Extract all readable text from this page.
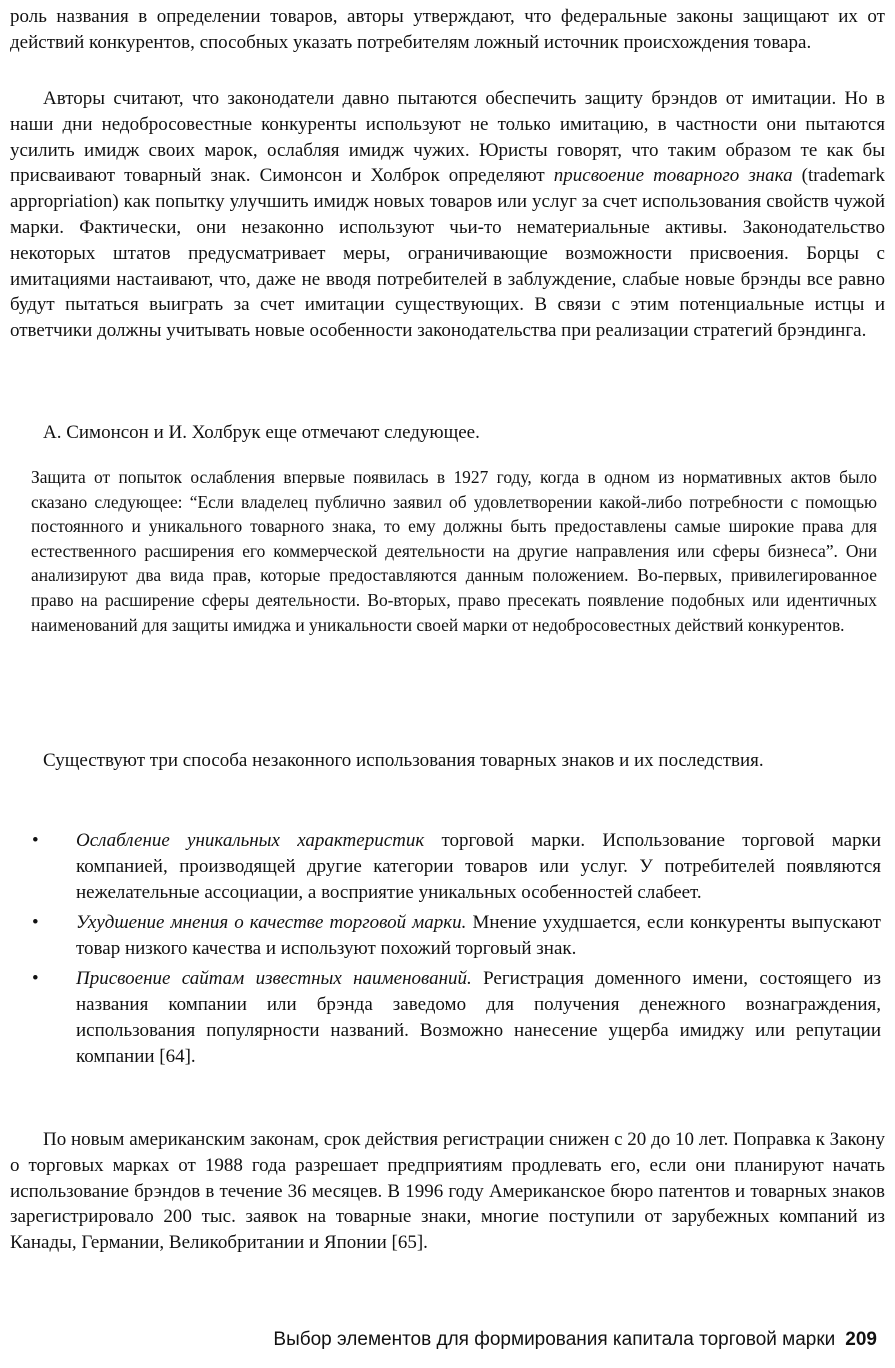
роль названия в определении товаров, авторы утверждают, что федеральные законы защищают их от действий конкурентов, способных указать потребителям ложный источник происхождения товара.

Авторы считают, что законодатели давно пытаются обеспечить защиту брэндов от имитации. Но в наши дни недобросовестные конкуренты используют не только имитацию, в частности они пытаются усилить имидж своих марок, ослабляя имидж чужих. Юристы говорят, что таким образом те как бы присваивают товарный знак. Симонсон и Холброк определяют присвоение товарного знака (trademark apprоpriation) как попытку улучшить имидж новых товаров или услуг за счет использования свойств чужой марки. Фактически, они незаконно используют чьи-то нематериальные активы. Законодательство некоторых штатов предусматривает меры, ограничивающие возможности присвоения. Борцы с имитациями настаивают, что, даже не вводя потребителей в заблуждение, слабые новые брэнды все равно будут пытаться выиграть за счет имитации существующих. В связи с этим потенциальные истцы и ответчики должны учитывать новые особенности законодательства при реализации стратегий брэндинга.

А. Симонсон и И. Холбрук еще отмечают следующее.

Защита от попыток ослабления впервые появилась в 1927 году, когда в одном из нормативных актов было сказано следующее: “Если владелец публично заявил об удовлетворении какой-либо потребности с помощью постоянного и уникального товарного знака, то ему должны быть предоставлены самые широкие права для естественного расширения его коммерческой деятельности на другие направления или сферы бизнеса”. Они анализируют два вида прав, которые предоставляются данным положением. Во-первых, привилегированное право на расширение сферы деятельности. Во-вторых, право пресекать появление подобных или идентичных наименований для защиты имиджа и уникальности своей марки от недобросовестных действий конкурентов.

Существуют три способа незаконного использования товарных знаков и их последствия.

• Ослабление уникальных характеристик торговой марки. Использование торговой марки компанией, производящей другие категории товаров или услуг. У потребителей появляются нежелательные ассоциации, а восприятие уникальных особенностей слабеет.
• Ухудшение мнения о качестве торговой марки. Мнение ухудшается, если конкуренты выпускают товар низкого качества и используют похожий торговый знак.
• Присвоение сайтам известных наименований. Регистрация доменного имени, состоящего из названия компании или брэнда заведомо для получения денежного вознаграждения, использования популярности названий. Возможно нанесение ущерба имиджу или репутации компании [64].

По новым американским законам, срок действия регистрации снижен с 20 до 10 лет. Поправка к Закону о торговых марках от 1988 года разрешает предприятиям продлевать его, если они планируют начать использование брэндов в течение 36 месяцев. В 1996 году Американское бюро патентов и товарных знаков зарегистрировало 200 тыс. заявок на товарные знаки, многие поступили от зарубежных компаний из Канады, Германии, Великобритании и Японии [65].

Выбор элементов для формирования капитала торговой марки 209
